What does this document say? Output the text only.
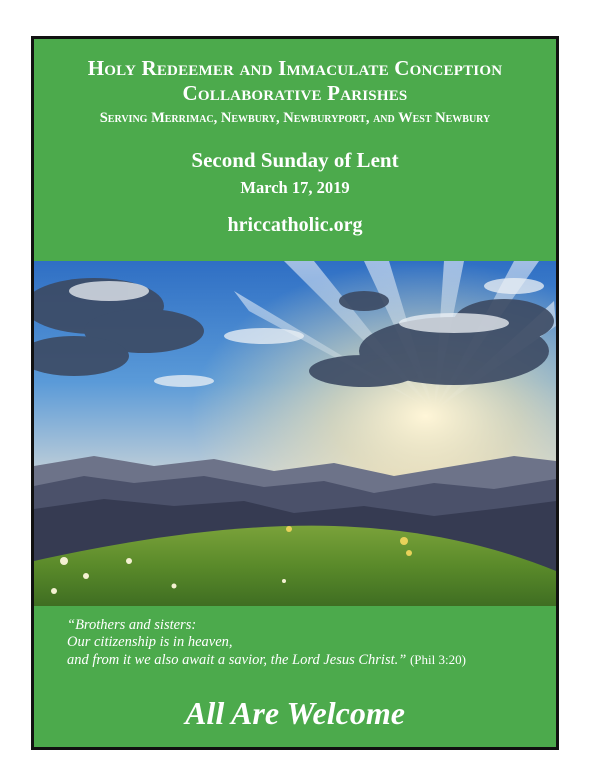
Holy Redeemer and Immaculate Conception
Collaborative Parishes
Serving Merrimac, Newbury, Newburyport, and West Newbury
Second Sunday of Lent
March 17, 2019
hriccatholic.org
“Brothers and sisters:
Our citizenship is in heaven,
and from it we also await a savior, the Lord Jesus Christ.” (Phil 3:20)
All Are Welcome
